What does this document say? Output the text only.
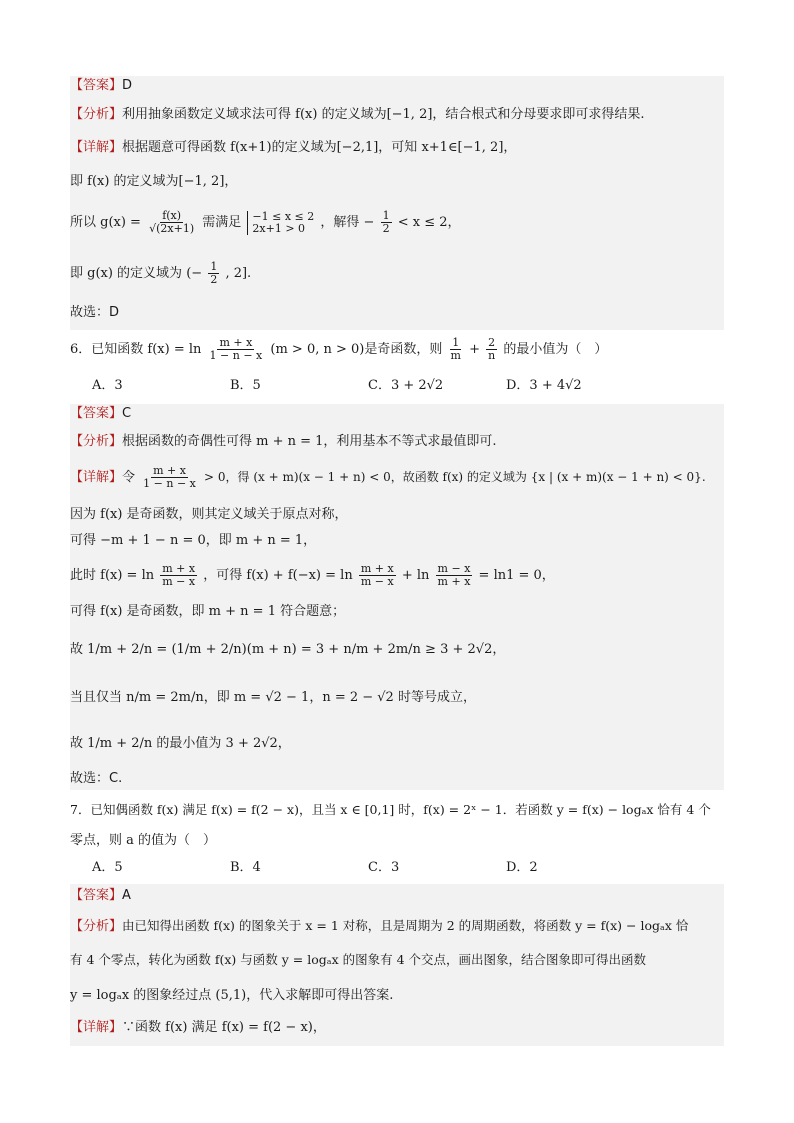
【答案】D
【分析】利用抽象函数定义域求法可得 f(x) 的定义域为[−1, 2]，结合根式和分母要求即可求得结果.
【详解】根据题意可得函数 f(x+1)的定义域为[−2,1]，可知 x+1∈[−1, 2]，
即 f(x) 的定义域为[−1, 2]，
所以 $g(x) = \frac{f(x)}{√(2x+1)}$ 需满足 −1 ≤ x ≤ 2
2x+1 > 0 ，解得 − $\frac{1}{2} < x \le 2$，
即 g(x) 的定义域为 (− $\frac{1}{2}$ , 2].
故选：D
6．已知函数 $f(x) = \ln \frac{m + x}{1 - n - x} (m > 0$, n > 0)是奇函数，则 $\frac{1}{m} + \frac{2}{n}$ 的最小值为（　）
A．3	B．5	C．3 + 2√2	D．3 + 4√2
【答案】C
【分析】根据函数的奇偶性可得 m + n = 1，利用基本不等式求最值即可.
【详解】令 $\frac{m + x}{1 - n - x} > 0$，得 (x + m)(x − 1 + n) < 0，故函数 f(x) 的定义域为 {x | (x + m)(x − 1 + n) < 0}.
因为 f(x) 是奇函数，则其定义域关于原点对称，
可得 −m + 1 − n = 0，即 m + n = 1，
此时 $f(x) = \ln \frac{m + x}{m - x}$ ，可得 $f(x) + f(-x) = \ln \frac{m + x}{m - x} + \ln \frac{m - x}{m + x} = \ln 1 = 0$，
可得 f(x) 是奇函数，即 m + n = 1 符合题意；
故 1/m + 2/n = (1/m + 2/n)(m + n) = 3 + n/m + 2m/n ≥ 3 + 2√2，
当且仅当 n/m = 2m/n，即 m = √2 − 1，n = 2 − √2 时等号成立，
故 1/m + 2/n 的最小值为 3 + 2√2，
故选：C.
7．已知偶函数 f(x) 满足 f(x) = f(2 − x)，且当 x ∈ [0,1] 时，f(x) = 2ˣ − 1．若函数 y = f(x) − logₐx 恰有 4 个
零点，则 a 的值为（　）
A．5	B．4	C．3	D．2
【答案】A
【分析】由已知得出函数 f(x) 的图象关于 x = 1 对称，且是周期为 2 的周期函数，将函数 y = f(x) − logₐx 恰
有 4 个零点，转化为函数 f(x) 与函数 y = logₐx 的图象有 4 个交点，画出图象，结合图象即可得出函数
y = logₐx 的图象经过点 (5,1)，代入求解即可得出答案.
【详解】∵函数 f(x) 满足 f(x) = f(2 − x)，
